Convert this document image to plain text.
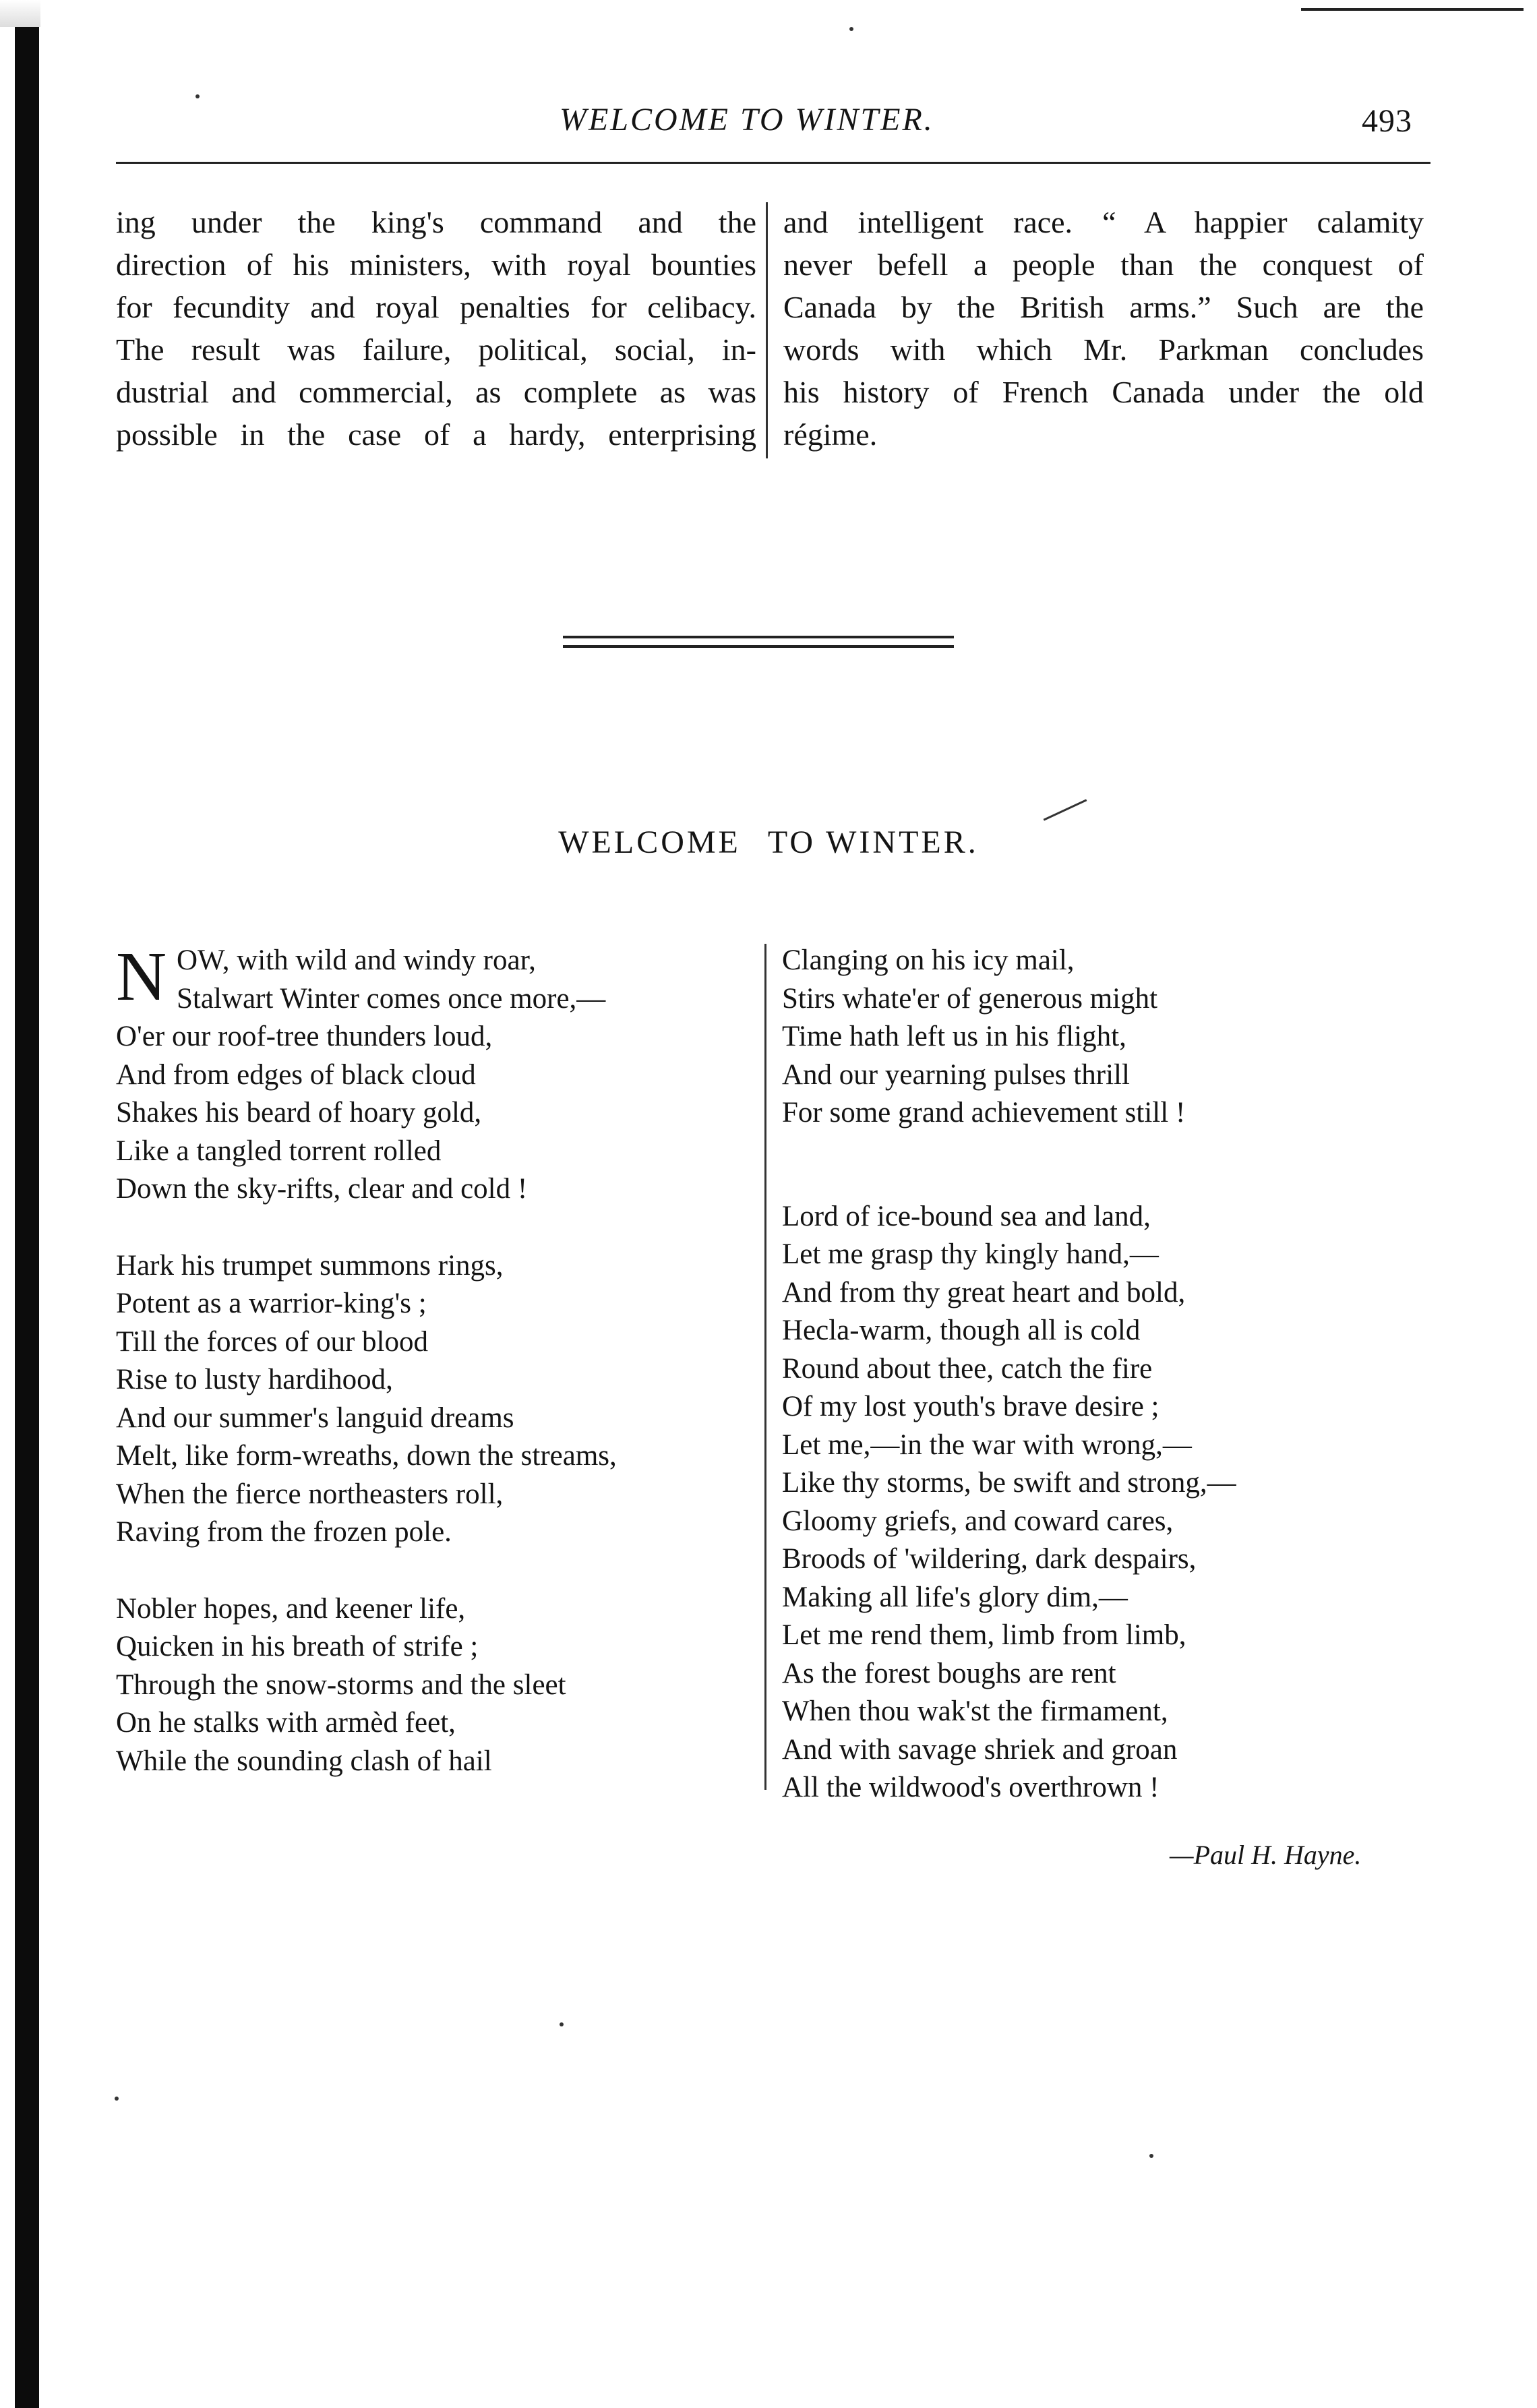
WELCOME TO WINTER.	493
ing under the king's command and the
direction of his ministers, with royal bounties
for fecundity and royal penalties for celibacy.
The result was failure, political, social, in-
dustrial and commercial, as complete as was
possible in the case of a hardy, enterprising
and intelligent race. “ A happier calamity
never befell a people than the conquest of
Canada by the British arms.” Such are the
words with which Mr. Parkman concludes
his history of French Canada under the old
régime.
WELCOME TO WINTER.
N OW, with wild and windy roar,
Stalwart Winter comes once more,—
O'er our roof-tree thunders loud,
And from edges of black cloud
Shakes his beard of hoary gold,
Like a tangled torrent rolled
Down the sky-rifts, clear and cold !
Hark his trumpet summons rings,
Potent as a warrior-king's ;
Till the forces of our blood
Rise to lusty hardihood,
And our summer's languid dreams
Melt, like form-wreaths, down the streams,
When the fierce northeasters roll,
Raving from the frozen pole.
Nobler hopes, and keener life,
Quicken in his breath of strife ;
Through the snow-storms and the sleet
On he stalks with armèd feet,
While the sounding clash of hail
Clanging on his icy mail,
Stirs whate'er of generous might
Time hath left us in his flight,
And our yearning pulses thrill
For some grand achievement still !
Lord of ice-bound sea and land,
Let me grasp thy kingly hand,—
And from thy great heart and bold,
Hecla-warm, though all is cold
Round about thee, catch the fire
Of my lost youth's brave desire ;
Let me,—in the war with wrong,—
Like thy storms, be swift and strong,—
Gloomy griefs, and coward cares,
Broods of 'wildering, dark despairs,
Making all life's glory dim,—
Let me rend them, limb from limb,
As the forest boughs are rent
When thou wak'st the firmament,
And with savage shriek and groan
All the wildwood's overthrown !
—Paul H. Hayne.
